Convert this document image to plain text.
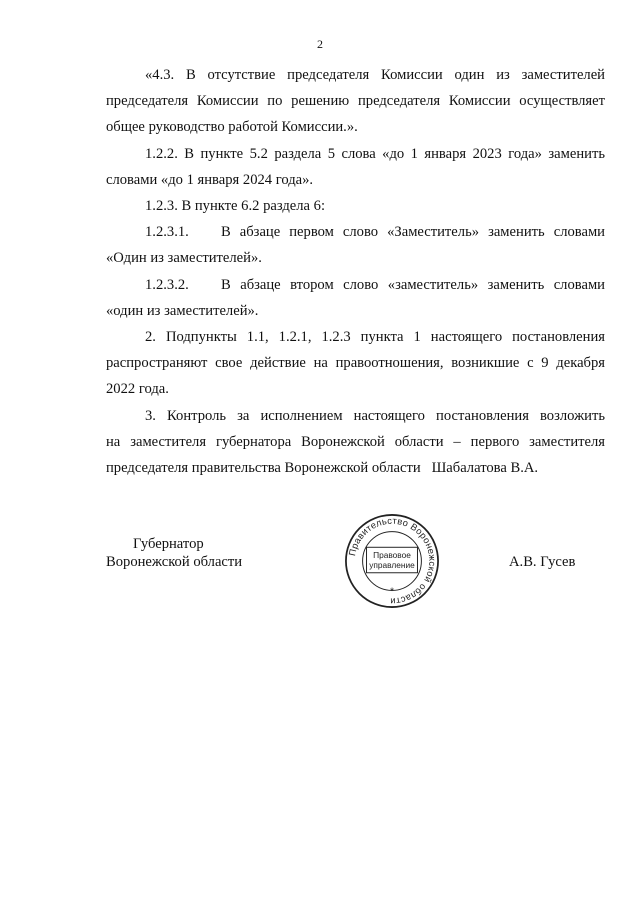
2
«4.3. В отсутствие председателя Комиссии один из заместителей
председателя Комиссии по решению председателя Комиссии осуществляет
общее руководство работой Комиссии.».
1.2.2. В пункте 5.2 раздела 5 слова «до 1 января 2023 года» заменить
словами «до 1 января 2024 года».
1.2.3. В пункте 6.2 раздела 6:
1.2.3.1. В абзаце первом слово «Заместитель» заменить словами
«Один из заместителей».
1.2.3.2. В абзаце втором слово «заместитель» заменить словами
«один из заместителей».
2. Подпункты 1.1, 1.2.1, 1.2.3 пункта 1 настоящего постановления
распространяют свое действие на правоотношения, возникшие с 9 декабря
2022 года.
3. Контроль за исполнением настоящего постановления возложить
на заместителя губернатора Воронежской области – первого заместителя
председателя правительства Воронежской области   Шабалатова В.А.
Губернатор
Воронежской области	А.В. Гусев
Правительство Воронежской области
Правовое
управление
*
